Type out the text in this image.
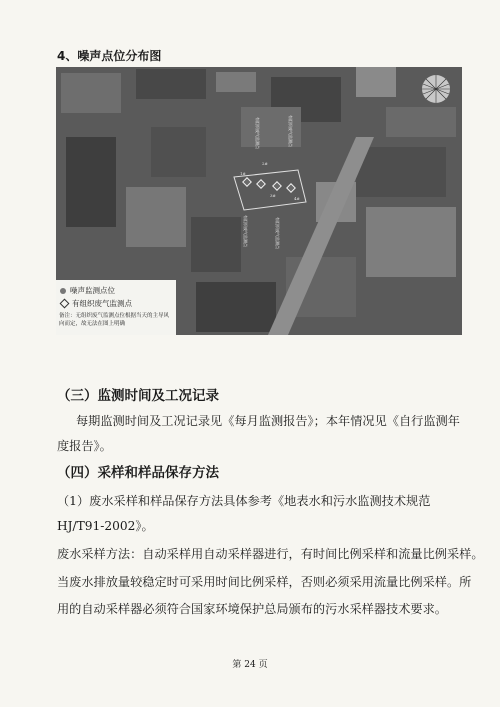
4、噪声点位分布图
有组织废气监测点	有组织废气监测点
有组织废气监测点	有组织废气监测点
1#
2#
3#
4#
噪声监测点位
有组织废气监测点
备注：无组织废气监测点位根据当天的主导风向而定，故无法在图上明确
（三）监测时间及工况记录
每期监测时间及工况记录见《每月监测报告》；本年情况见《自行监测年
度报告》。
（四）采样和样品保存方法
（1）废水采样和样品保存方法具体参考《地表水和污水监测技术规范
HJ/T91-2002》。
废水采样方法：自动采样用自动采样器进行，有时间比例采样和流量比例采样。
当废水排放量较稳定时可采用时间比例采样，否则必须采用流量比例采样。所
用的自动采样器必须符合国家环境保护总局颁布的污水采样器技术要求。
第 24 页
